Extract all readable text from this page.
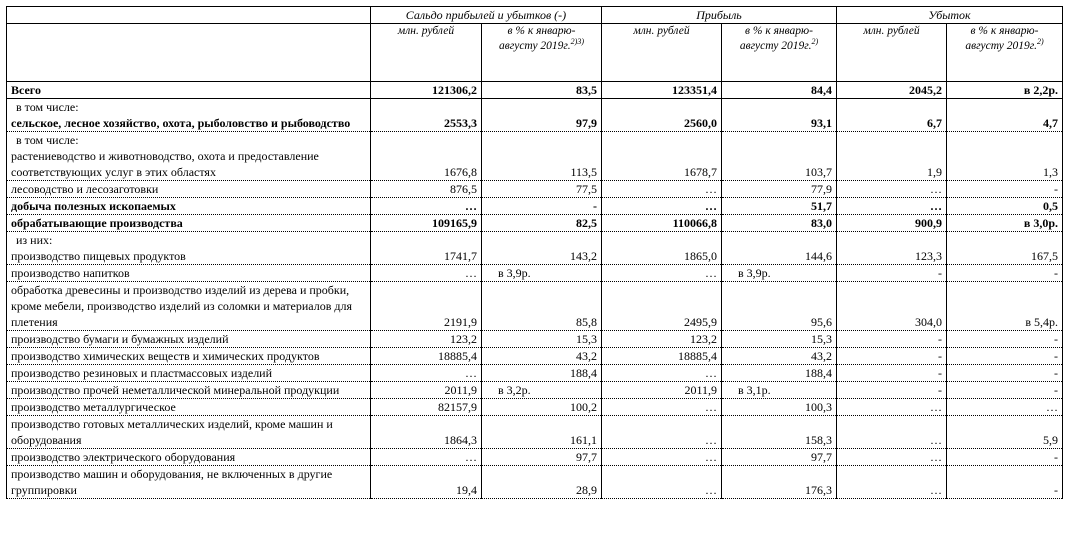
	Сальдо прибылей и убытков (-)		Прибыль		Убыток	

	млн. рублей	в % к январю-августу 2019г.$^{2)3)}$	млн. рублей	в % к январю-августу 2019г.$^{2)}$	млн. рублей	в % к январю-августу 2019г.$^{2)}$

Всего	121306,2	83,5	123351,4	84,4	2045,2	в 2,2р.

в том числе:
сельское, лесное хозяйство, охота, рыболовство и рыбоводство	2553,3	97,9	2560,0	93,1	6,7	4,7

в том числе:
растениеводство и животноводство, охота и предоставление соответствующих услуг в этих областях	1676,8	113,5	1678,7	103,7	1,9	1,3

лесоводство и лесозаготовки	876,5	77,5	…	77,9	…	-

добыча полезных ископаемых	…	-	…	51,7	…	0,5

обрабатывающие производства	109165,9	82,5	110066,8	83,0	900,9	в 3,0р.

из них:
производство пищевых продуктов	1741,7	143,2	1865,0	144,6	123,3	167,5

производство напитков	…	в 3,9р.	…	в 3,9р.	-	-

обработка древесины и производство изделий из дерева и пробки, кроме мебели, производство изделий из соломки и материалов для плетения	2191,9	85,8	2495,9	95,6	304,0	в 5,4р.

производство бумаги и бумажных изделий	123,2	15,3	123,2	15,3	-	-

производство химических веществ и химических продуктов	18885,4	43,2	18885,4	43,2	-	-

производство резиновых и пластмассовых изделий	…	188,4	…	188,4	-	-

производство прочей неметаллической минеральной продукции	2011,9	в 3,2р.	2011,9	в 3,1р.	-	-

производство металлургическое	82157,9	100,2	…	100,3	…	…

производство готовых металлических изделий, кроме машин и оборудования	1864,3	161,1	…	158,3	…	5,9

производство электрического оборудования	…	97,7	…	97,7	…	-

производство машин и оборудования, не включенных в другие группировки	19,4	28,9	…	176,3	…	-
